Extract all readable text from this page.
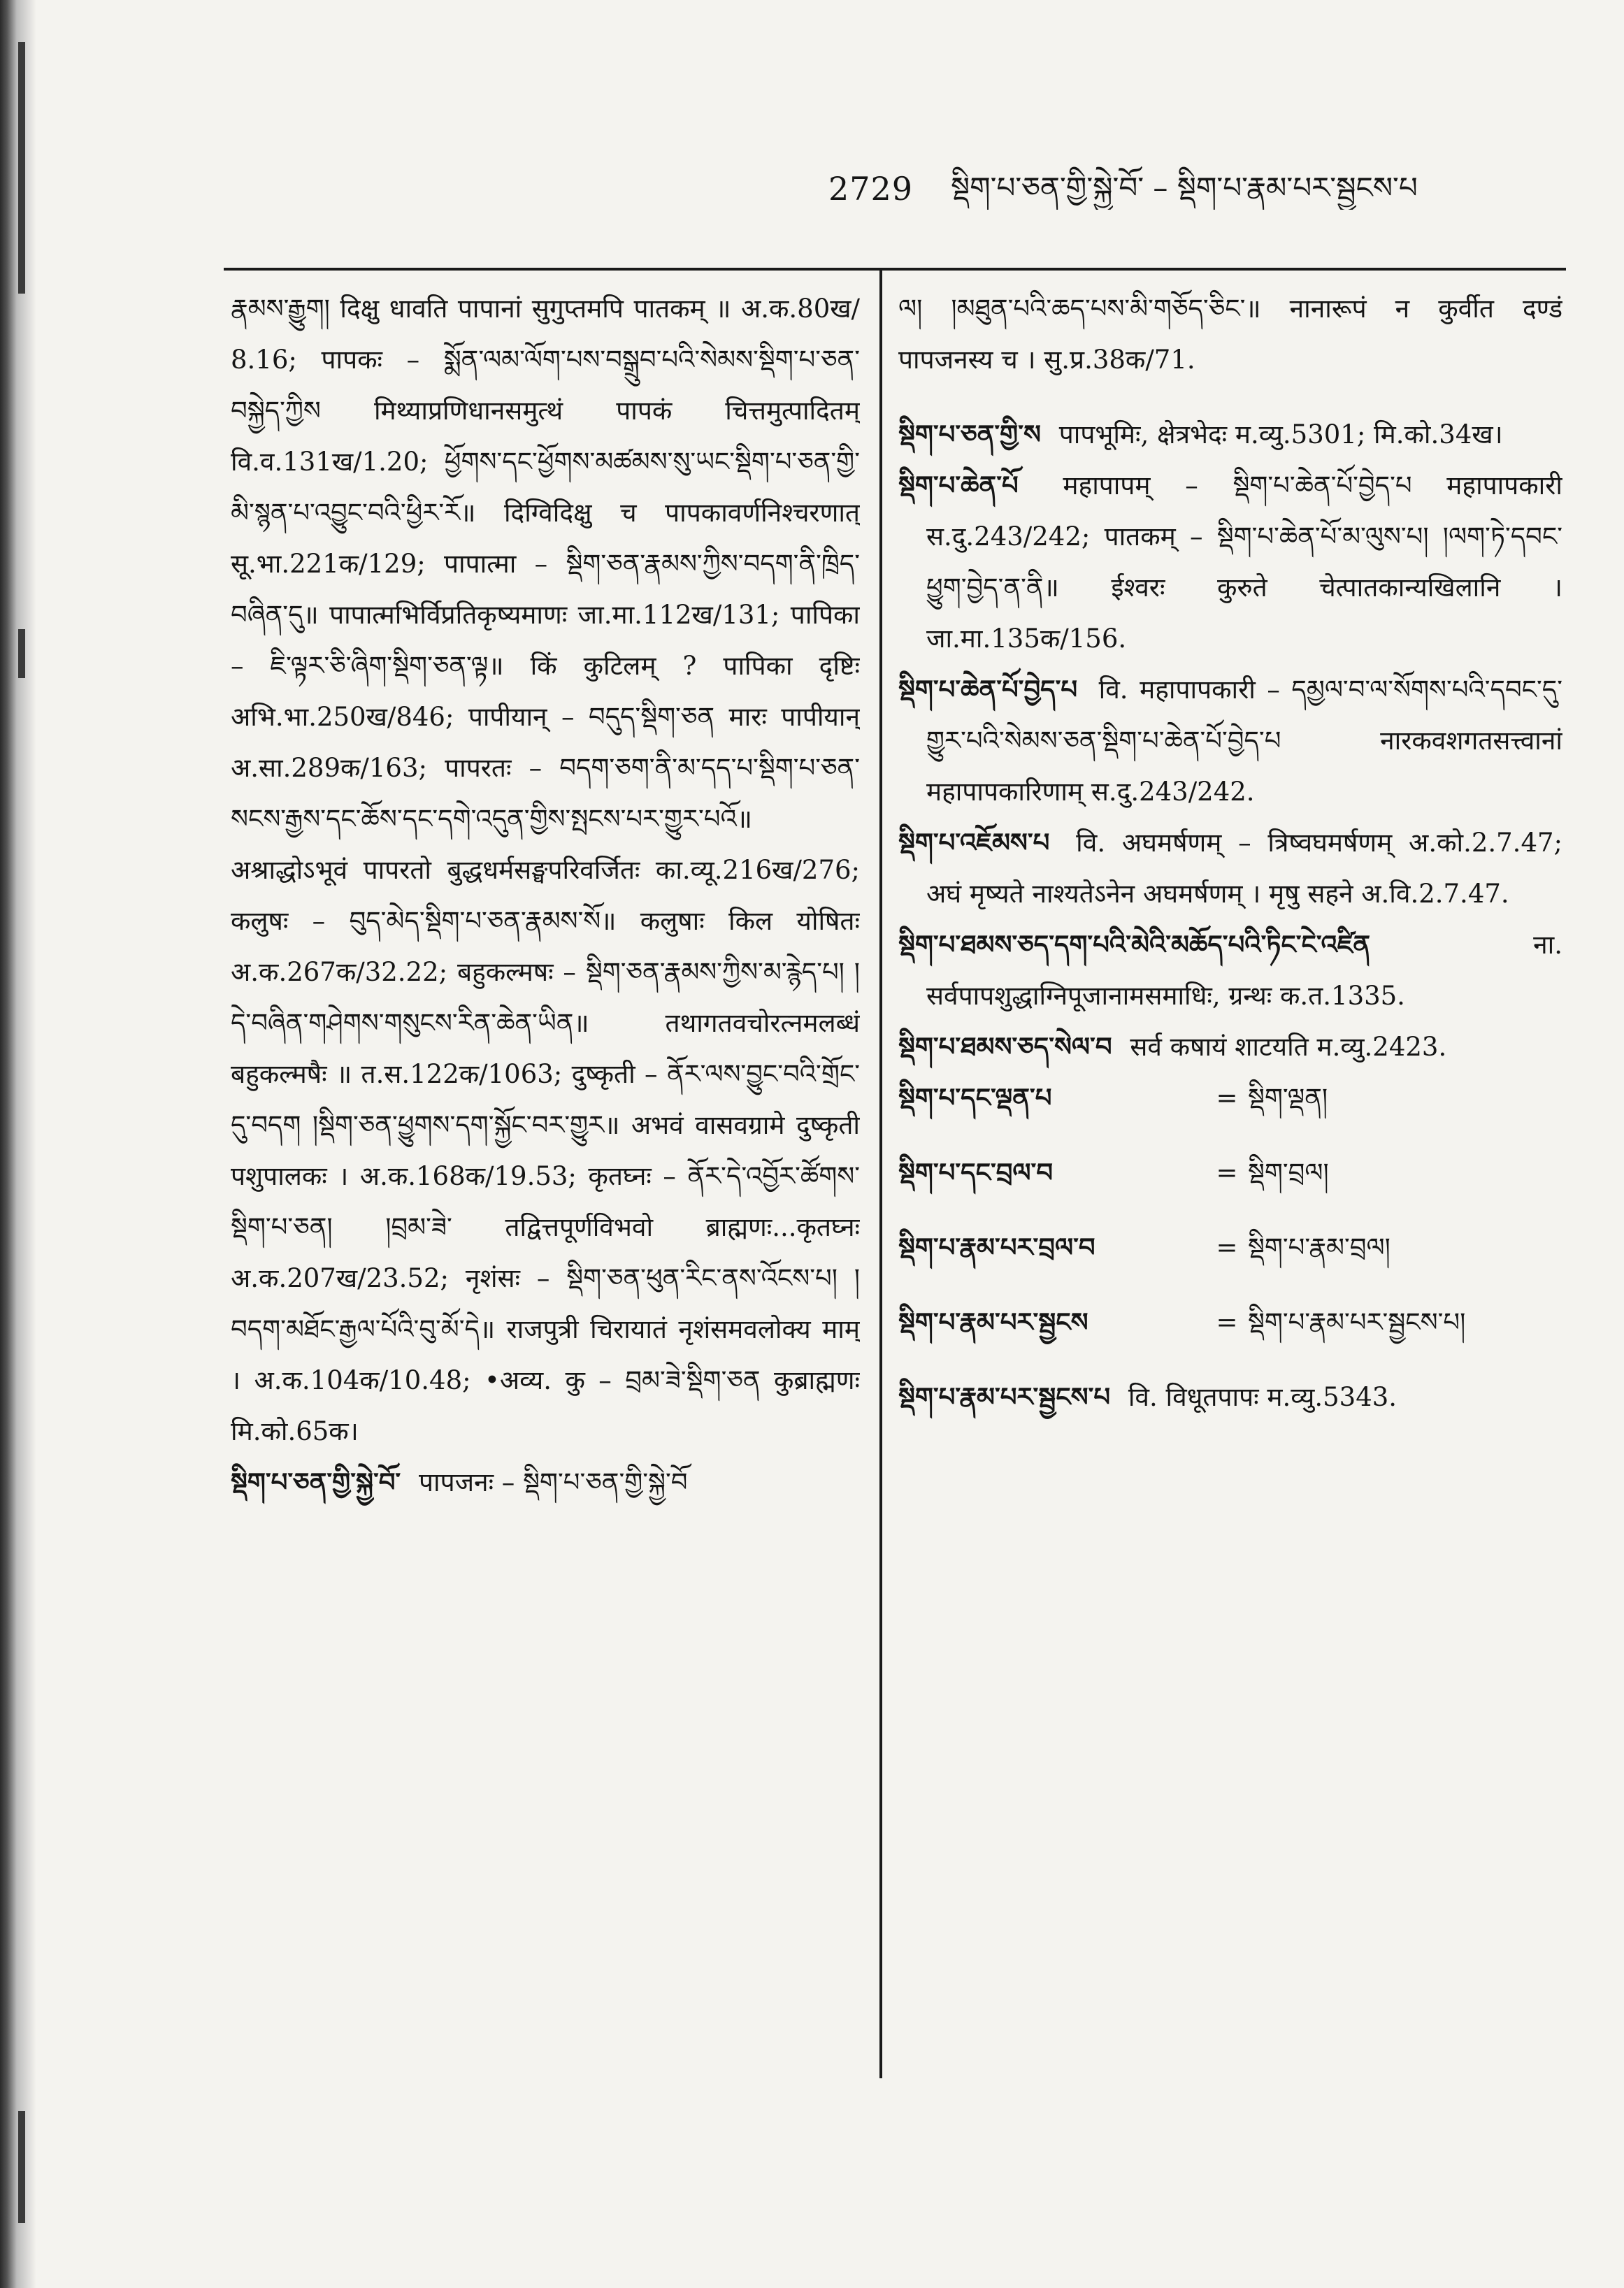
2729	སྡིག་པ་ཅན་གྱི་སྐྱེ་བོ་ – སྡིག་པ་རྣམ་པར་སྦྱངས་པ

རྣམས་རྒྱུག། दिक्षु धावति पापानां सुगुप्तमपि पातकम् ॥ अ.क.80ख/ 8.16; पापकः – སྨོན་ལམ་ལོག་པས་བསྒྲུབ་པའི་སེམས་སྡིག་པ་ཅན་བསྐྱེད་ཀྱིས मिथ्याप्रणिधानसमुत्थं पापकं चित्तमुत्पादितम् वि.व.131ख/1.20; ཕྱོགས་དང་ཕྱོགས་མཚམས་སུ་ཡང་སྡིག་པ་ཅན་གྱི་མི་སྙན་པ་འབྱུང་བའི་ཕྱིར་རོ॥ दिग्विदिक्षु च पापकावर्णनिश्चरणात् सू.भा.221क/129; पापात्मा – སྡིག་ཅན་རྣམས་ཀྱིས་བདག་ནི་ཁྲིད་བཞིན་དུ॥ पापात्मभिर्विप्रतिकृष्यमाणः जा.मा.112ख/131; पापिका – ཇི་ལྟར་ཅི་ཞིག་སྡིག་ཅན་ལྟ॥ किं कुटिलम् ? पापिका दृष्टिः अभि.भा.250ख/846; पापीयान् – བདུད་སྡིག་ཅན मारः पापीयान् अ.सा.289क/163; पापरतः – བདག་ཅག་ནི་མ་དད་པ་སྡིག་པ་ཅན་སངས་རྒྱས་དང་ཆོས་དང་དགེ་འདུན་གྱིས་སྤངས་པར་གྱུར་པའོ॥ अश्राद्धोऽभूवं पापरतो बुद्धधर्मसङ्घपरिवर्जितः का.व्यू.216ख/276; कलुषः – བུད་མེད་སྡིག་པ་ཅན་རྣམས་སོ॥ कलुषाः किल योषितः अ.क.267क/32.22; बहुकल्मषः – སྡིག་ཅན་རྣམས་ཀྱིས་མ་རྙེད་པ། །དེ་བཞིན་གཤེགས་གསུངས་རིན་ཆེན་ཡིན॥ तथागतवचोरत्नमलब्धं बहुकल्मषैः ॥ त.स.122क/1063; दुष्कृती – ནོར་ལས་བྱུང་བའི་གྲོང་དུ་བདག །སྡིག་ཅན་ཕྱུགས་དག་སྐྱོང་བར་གྱུར॥ अभवं वासवग्रामे दुष्कृती पशुपालकः । अ.क.168क/19.53; कृतघ्नः – ནོར་དེ་འབྱོར་ཚོགས་སྡིག་པ་ཅན། །བྲམ་ཟེ་ तद्वित्तपूर्णविभवो ब्राह्मणः...कृतघ्नः अ.क.207ख/23.52; नृशंसः – སྡིག་ཅན་ཕུན་རིང་ནས་འོངས་པ། །བདག་མཐོང་རྒྱལ་པོའི་བུ་མོ་དེ॥ राजपुत्री चिरायातं नृशंसमवलोक्य माम् । अ.क.104क/10.48; •अव्य. कु – བྲམ་ཟེ་སྡིག་ཅན कुब्राह्मणः मि.को.65क।

སྡིག་པ་ཅན་གྱི་སྐྱེ་བོ་ पापजनः – སྡིག་པ་ཅན་གྱི་སྐྱེ་བོ

ལ། །མཐུན་པའི་ཆད་པས་མི་གཅོད་ཅིང་॥ नानारूपं न कुर्वीत दण्डं पापजनस्य च । सु.प्र.38क/71.

སྡིག་པ་ཅན་གྱི་ས पापभूमिः, क्षेत्रभेदः म.व्यु.5301; मि.को.34ख।

སྡིག་པ་ཆེན་པོ महापापम् – སྡིག་པ་ཆེན་པོ་བྱེད་པ महापापकारी स.दु.243/242; पातकम् – སྡིག་པ་ཆེན་པོ་མ་ལུས་པ། །ལག་ཏེ་དབང་ཕྱུག་བྱེད་ན་ནི॥ ईश्वरः कुरुते चेत्पातकान्यखिलानि । जा.मा.135क/156.

སྡིག་པ་ཆེན་པོ་བྱེད་པ वि. महापापकारी – དམྱལ་བ་ལ་སོགས་པའི་དབང་དུ་གྱུར་པའི་སེམས་ཅན་སྡིག་པ་ཆེན་པོ་བྱེད་པ नारकवशगतसत्त्वानां महापापकारिणाम् स.दु.243/242.

སྡིག་པ་འཇོམས་པ वि. अघमर्षणम् – त्रिष्वघमर्षणम् अ.को.2.7.47; अघं मृष्यते नाश्यतेऽनेन अघमर्षणम् । मृषु सहने अ.वि.2.7.47.

སྡིག་པ་ཐམས་ཅད་དག་པའི་མེའི་མཆོད་པའི་ཏིང་ངེ་འཛིན	ना. सर्वपापशुद्धाग्निपूजानामसमाधिः, ग्रन्थः क.त.1335.

སྡིག་པ་ཐམས་ཅད་སེལ་བ सर्व कषायं शाटयति म.व्यु.2423.

སྡིག་པ་དང་ལྡན་པ	= སྡིག་ལྡན།
སྡིག་པ་དང་བྲལ་བ	= སྡིག་བྲལ།
སྡིག་པ་རྣམ་པར་བྲལ་བ	= སྡིག་པ་རྣམ་བྲལ།
སྡིག་པ་རྣམ་པར་སྦྱངས	= སྡིག་པ་རྣམ་པར་སྦྱངས་པ།

སྡིག་པ་རྣམ་པར་སྦྱངས་པ वि. विधूतपापः म.व्यु.5343.
